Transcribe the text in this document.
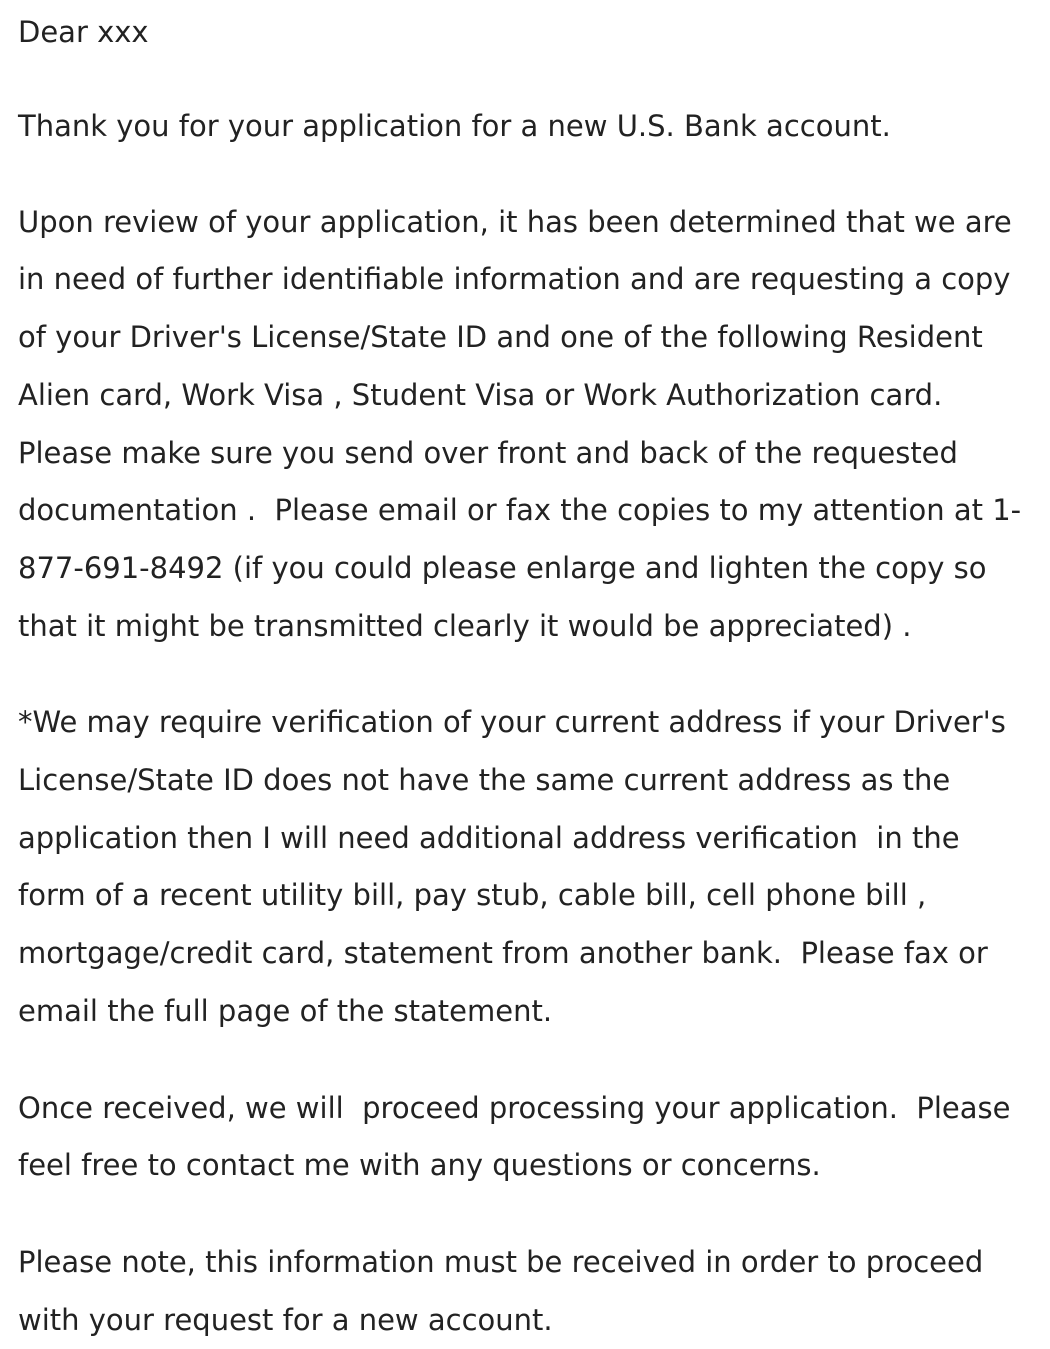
Dear xxx
Thank you for your application for a new U.S. Bank account.
Upon review of your application, it has been determined that we are
in need of further identifiable information and are requesting a copy
of your Driver's License/State ID and one of the following Resident
Alien card, Work Visa , Student Visa or Work Authorization card.
Please make sure you send over front and back of the requested
documentation .  Please email or fax the copies to my attention at 1-
877-691-8492 (if you could please enlarge and lighten the copy so
that it might be transmitted clearly it would be appreciated) .
*We may require verification of your current address if your Driver's
License/State ID does not have the same current address as the
application then I will need additional address verification  in the
form of a recent utility bill, pay stub, cable bill, cell phone bill ,
mortgage/credit card, statement from another bank.  Please fax or
email the full page of the statement.
Once received, we will  proceed processing your application.  Please
feel free to contact me with any questions or concerns.
Please note, this information must be received in order to proceed
with your request for a new account.
